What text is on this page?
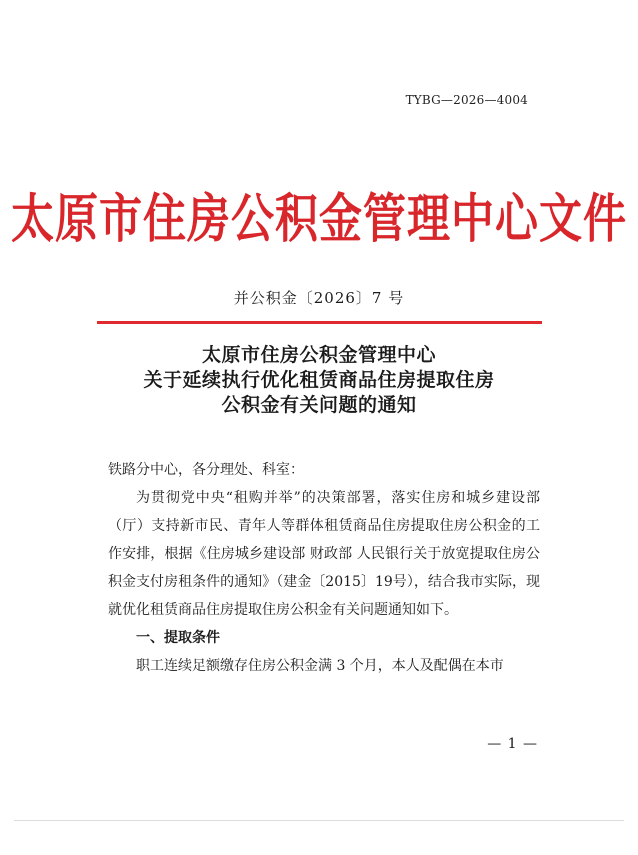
TYBG—2026—4004
太原市住房公积金管理中心文件
并公积金〔2026〕7 号
太原市住房公积金管理中心
关于延续执行优化租赁商品住房提取住房
公积金有关问题的通知

铁路分中心，各分理处、科室：

为贯彻党中央“租购并举”的决策部署，落实住房和城乡建设部（厅）支持新市民、青年人等群体租赁商品住房提取住房公积金的工作安排，根据《住房城乡建设部 财政部 人民银行关于放宽提取住房公积金支付房租条件的通知》（建金〔2015〕19号），结合我市实际，现就优化租赁商品住房提取住房公积金有关问题通知如下。

一、提取条件

职工连续足额缴存住房公积金满 3 个月，本人及配偶在本市

— 1 —
